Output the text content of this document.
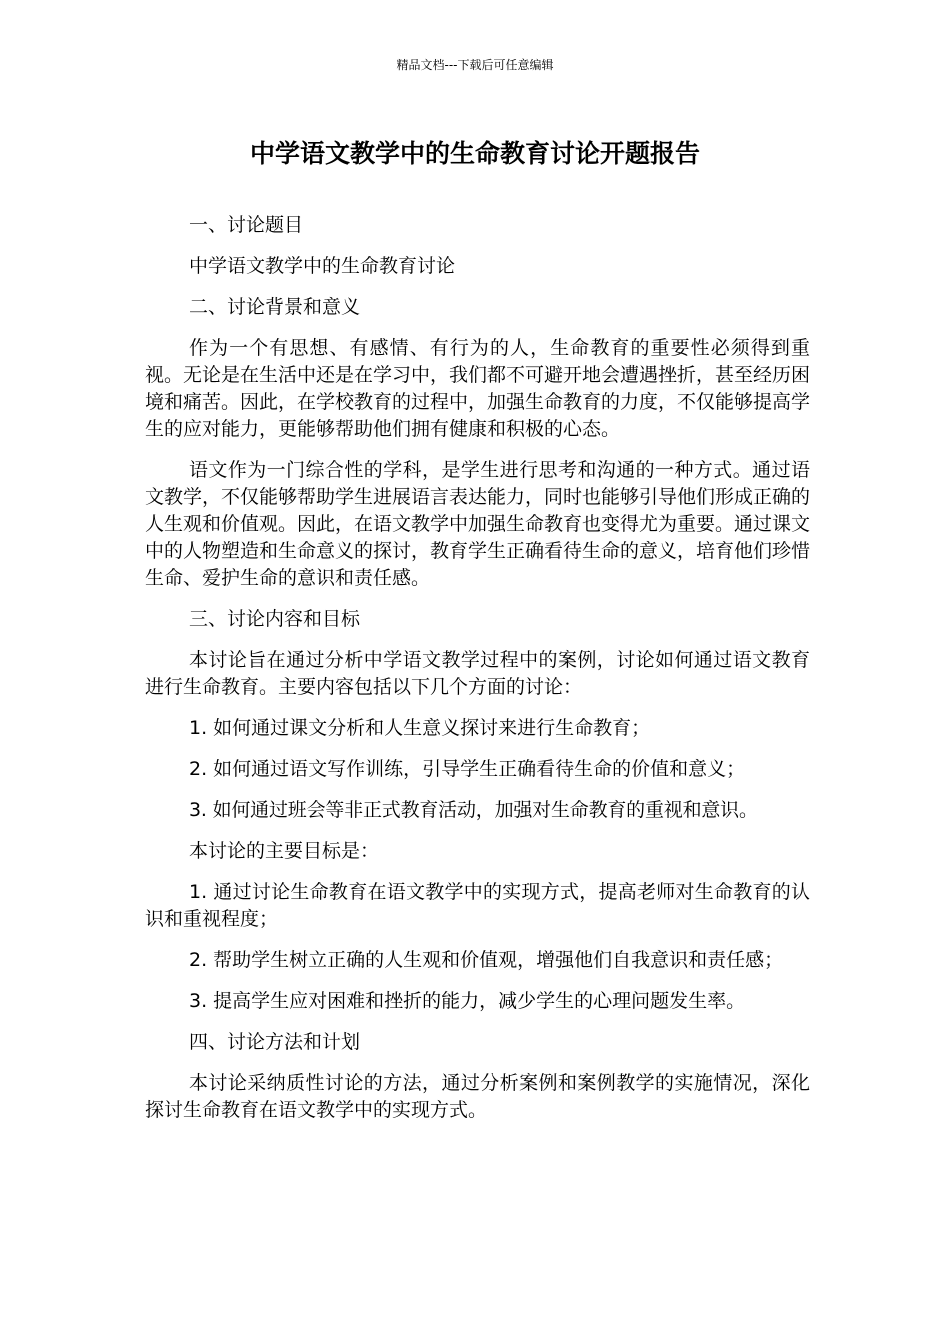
精品文档---下载后可任意编辑
中学语文教学中的生命教育讨论开题报告

一、讨论题目

中学语文教学中的生命教育讨论

二、讨论背景和意义

作为一个有思想、有感情、有行为的人，生命教育的重要性必须得到重视。无论是在生活中还是在学习中，我们都不可避开地会遭遇挫折，甚至经历困境和痛苦。因此，在学校教育的过程中，加强生命教育的力度，不仅能够提高学生的应对能力，更能够帮助他们拥有健康和积极的心态。

语文作为一门综合性的学科，是学生进行思考和沟通的一种方式。通过语文教学，不仅能够帮助学生进展语言表达能力，同时也能够引导他们形成正确的人生观和价值观。因此，在语文教学中加强生命教育也变得尤为重要。通过课文中的人物塑造和生命意义的探讨，教育学生正确看待生命的意义，培育他们珍惜生命、爱护生命的意识和责任感。

三、讨论内容和目标

本讨论旨在通过分析中学语文教学过程中的案例，讨论如何通过语文教育进行生命教育。主要内容包括以下几个方面的讨论：

1. 如何通过课文分析和人生意义探讨来进行生命教育；

2. 如何通过语文写作训练，引导学生正确看待生命的价值和意义；

3. 如何通过班会等非正式教育活动，加强对生命教育的重视和意识。

本讨论的主要目标是：

1. 通过讨论生命教育在语文教学中的实现方式，提高老师对生命教育的认识和重视程度；

2. 帮助学生树立正确的人生观和价值观，增强他们自我意识和责任感；

3. 提高学生应对困难和挫折的能力，减少学生的心理问题发生率。

四、讨论方法和计划

本讨论采纳质性讨论的方法，通过分析案例和案例教学的实施情况，深化探讨生命教育在语文教学中的实现方式。
